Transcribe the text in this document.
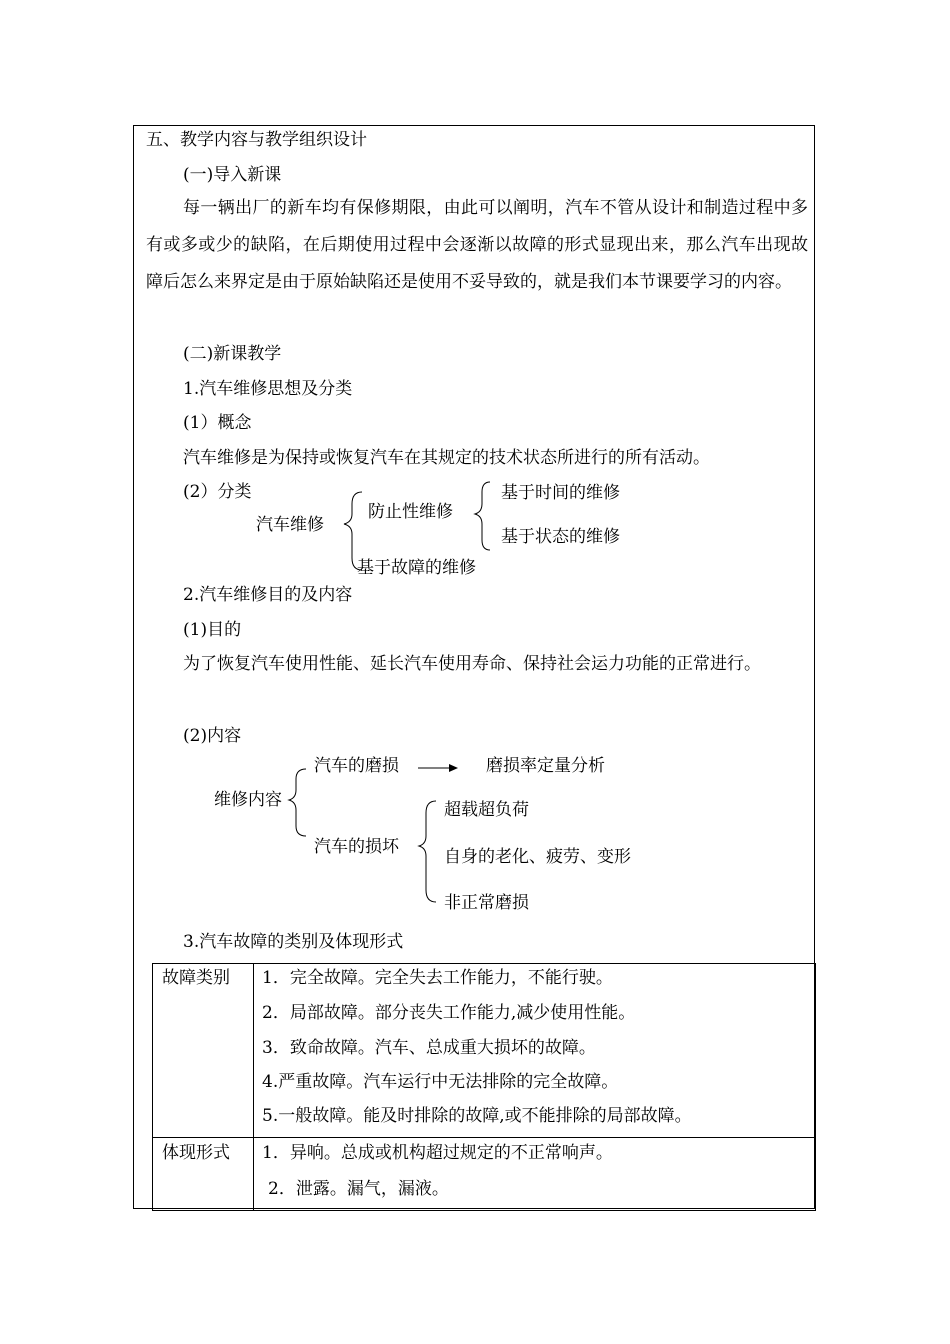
五、教学内容与教学组织设计
(一)导入新课
每一辆出厂的新车均有保修期限，由此可以阐明，汽车不管从设计和制造过程中多有或多或少的缺陷，在后期使用过程中会逐渐以故障的形式显现出来，那么汽车出现故障后怎么来界定是由于原始缺陷还是使用不妥导致的，就是我们本节课要学习的内容。
(二)新课教学
1.汽车维修思想及分类
(1）概念
汽车维修是为保持或恢复汽车在其规定的技术状态所进行的所有活动。
(2）分类
汽车维修
防止性维修
基于时间的维修
基于状态的维修
基于故障的维修
2.汽车维修目的及内容
(1)目的
为了恢复汽车使用性能、延长汽车使用寿命、保持社会运力功能的正常进行。
(2)内容
维修内容
汽车的磨损	磨损率定量分析
汽车的损坏
超载超负荷
自身的老化、疲劳、变形
非正常磨损
3.汽车故障的类别及体现形式
故障类别 1．完全故障。完全失去工作能力，不能行驶。
2．局部故障。部分丧失工作能力,减少使用性能。
3．致命故障。汽车、总成重大损坏的故障。
4.严重故障。汽车运行中无法排除的完全故障。
5.一般故障。能及时排除的故障,或不能排除的局部故障。
体现形式 1．异响。总成或机构超过规定的不正常响声。
2．泄露。漏气，漏液。
